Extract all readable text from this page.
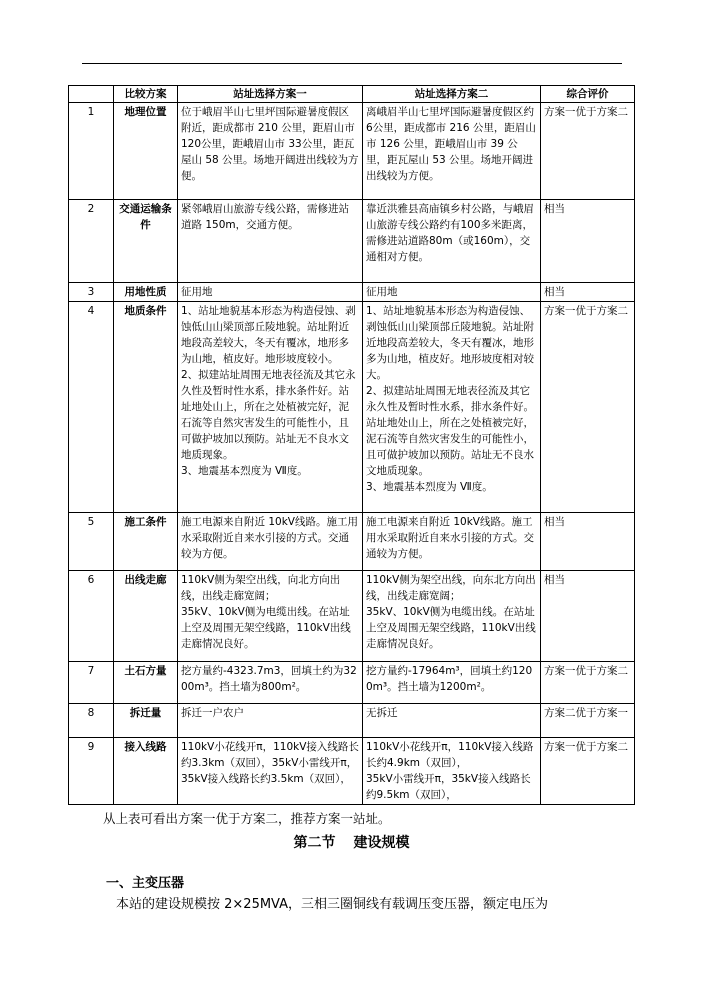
	比较方案	站址选择方案一	站址选择方案二	综合评价
1	地理位置	位于峨眉半山七里坪国际避暑度假区附近，距成都市 210 公里，距眉山市 120公里，距峨眉山市 33公里，距瓦屋山 58 公里。场地开阔进出线较为方便。	离峨眉半山七里坪国际避暑度假区约6公里，距成都市 216 公里，距眉山市 126 公里，距峨眉山市 39 公里，距瓦屋山 53 公里。场地开阔进出线较为方便。	方案一优于方案二
2	交通运输条件	紧邻峨眉山旅游专线公路，需修进站道路 150m，交通方便。	靠近洪雅县高庙镇乡村公路，与峨眉山旅游专线公路约有100多米距离，需修进站道路80m（或160m），交通相对方便。	相当
3	用地性质	征用地	征用地	相当
4	地质条件	1、站址地貌基本形态为构造侵蚀、剥蚀低山山梁顶部丘陵地貌。站址附近地段高差较大，冬天有覆冰，地形多为山地，植皮好。地形坡度较小。
2、拟建站址周围无地表径流及其它永久性及暂时性水系，排水条件好。站址地处山上，所在之处植被完好，泥石流等自然灾害发生的可能性小，且可做护坡加以预防。站址无不良水文地质现象。
3、地震基本烈度为 Ⅶ度。	1、站址地貌基本形态为构造侵蚀、剥蚀低山山梁顶部丘陵地貌。站址附近地段高差较大，冬天有覆冰，地形多为山地，植皮好。地形坡度相对较大。
2、拟建站址周围无地表径流及其它永久性及暂时性水系，排水条件好。站址地处山上，所在之处植被完好，泥石流等自然灾害发生的可能性小，且可做护坡加以预防。站址无不良水文地质现象。
3、地震基本烈度为 Ⅶ度。	方案一优于方案二
5	施工条件	施工电源来自附近 10kV线路。施工用水采取附近自来水引接的方式。交通较为方便。	施工电源来自附近 10kV线路。施工用水采取附近自来水引接的方式。交通较为方便。	相当
6	出线走廊	110kV侧为架空出线，向北方向出线，出线走廊宽阔；
35kV、10kV侧为电缆出线。在站址上空及周围无架空线路，110kV出线走廊情况良好。	110kV侧为架空出线，向东北方向出线，出线走廊宽阔；
35kV、10kV侧为电缆出线。在站址上空及周围无架空线路，110kV出线走廊情况良好。	相当
7	土石方量	挖方量约-4323.7m3，回填土约为3200m³。挡土墙为800m²。	挖方量约-17964m³，回填土约1200m³。挡土墙为1200m²。	方案一优于方案二
8	拆迁量	拆迁一户农户	无拆迁	方案二优于方案一
9	接入线路	110kV小花线开π，110kV接入线路长约3.3km（双回），35kV小雷线开π，35kV接入线路长约3.5km（双回），	110kV小花线开π，110kV接入线路长约4.9km（双回），
35kV小雷线开π，35kV接入线路长约9.5km（双回），	方案一优于方案二
从上表可看出方案一优于方案二，推荐方案一站址。
第二节 建设规模
一、主变压器
本站的建设规模按 2×25MVA，三相三圈铜线有载调压变压器，额定电压为
